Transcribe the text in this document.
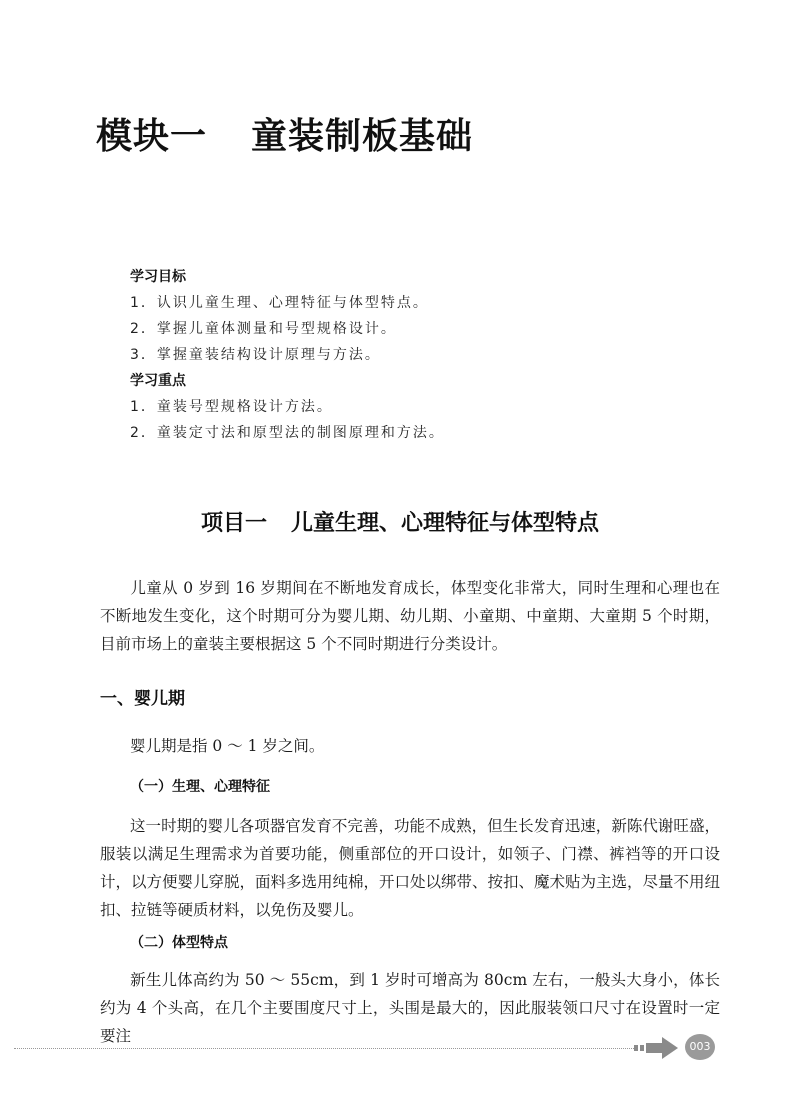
模块一 童装制板基础
学习目标
1．认识儿童生理、心理特征与体型特点。
2．掌握儿童体测量和号型规格设计。
3．掌握童装结构设计原理与方法。
学习重点
1．童装号型规格设计方法。
2．童装定寸法和原型法的制图原理和方法。
项目一 儿童生理、心理特征与体型特点

儿童从 0 岁到 16 岁期间在不断地发育成长，体型变化非常大，同时生理和心理也在不断地发生变化，这个时期可分为婴儿期、幼儿期、小童期、中童期、大童期 5 个时期，目前市场上的童装主要根据这 5 个不同时期进行分类设计。

一、婴儿期

婴儿期是指 0 ～ 1 岁之间。

（一）生理、心理特征

这一时期的婴儿各项器官发育不完善，功能不成熟，但生长发育迅速，新陈代谢旺盛，服装以满足生理需求为首要功能，侧重部位的开口设计，如领子、门襟、裤裆等的开口设计，以方便婴儿穿脱，面料多选用纯棉，开口处以绑带、按扣、魔术贴为主选，尽量不用纽扣、拉链等硬质材料，以免伤及婴儿。

（二）体型特点

新生儿体高约为 50 ～ 55cm，到 1 岁时可增高为 80cm 左右，一般头大身小，体长约为 4 个头高，在几个主要围度尺寸上，头围是最大的，因此服装领口尺寸在设置时一定要注

003
